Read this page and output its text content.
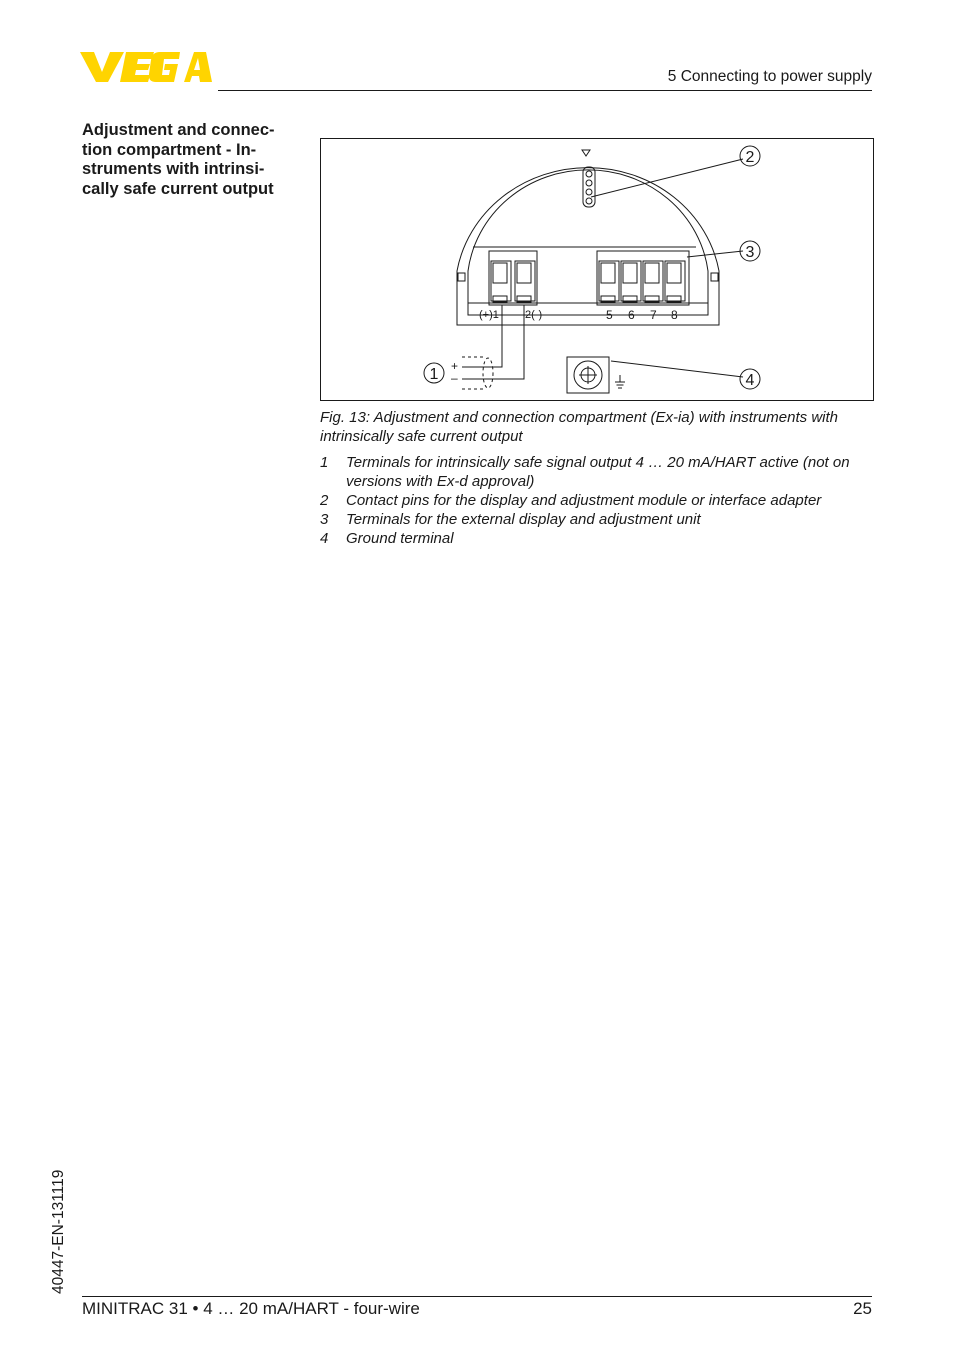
5 Connecting to power supply
Adjustment and connec-
tion compartment - In-
struments with intrinsi-
cally safe current output
1
2
3
4
(+)1 2(-)	5 6 7 8
+
–
Fig. 13: Adjustment and connection compartment (Ex-ia) with instruments with intrinsically safe current output
1	Terminals for intrinsically safe signal output 4 … 20 mA/HART active (not on versions with Ex-d approval)
2	Contact pins for the display and adjustment module or interface adapter
3	Terminals for the external display and adjustment unit
4	Ground terminal
40447-EN-131119
MINITRAC 31 • 4 … 20 mA/HART - four-wire	25
